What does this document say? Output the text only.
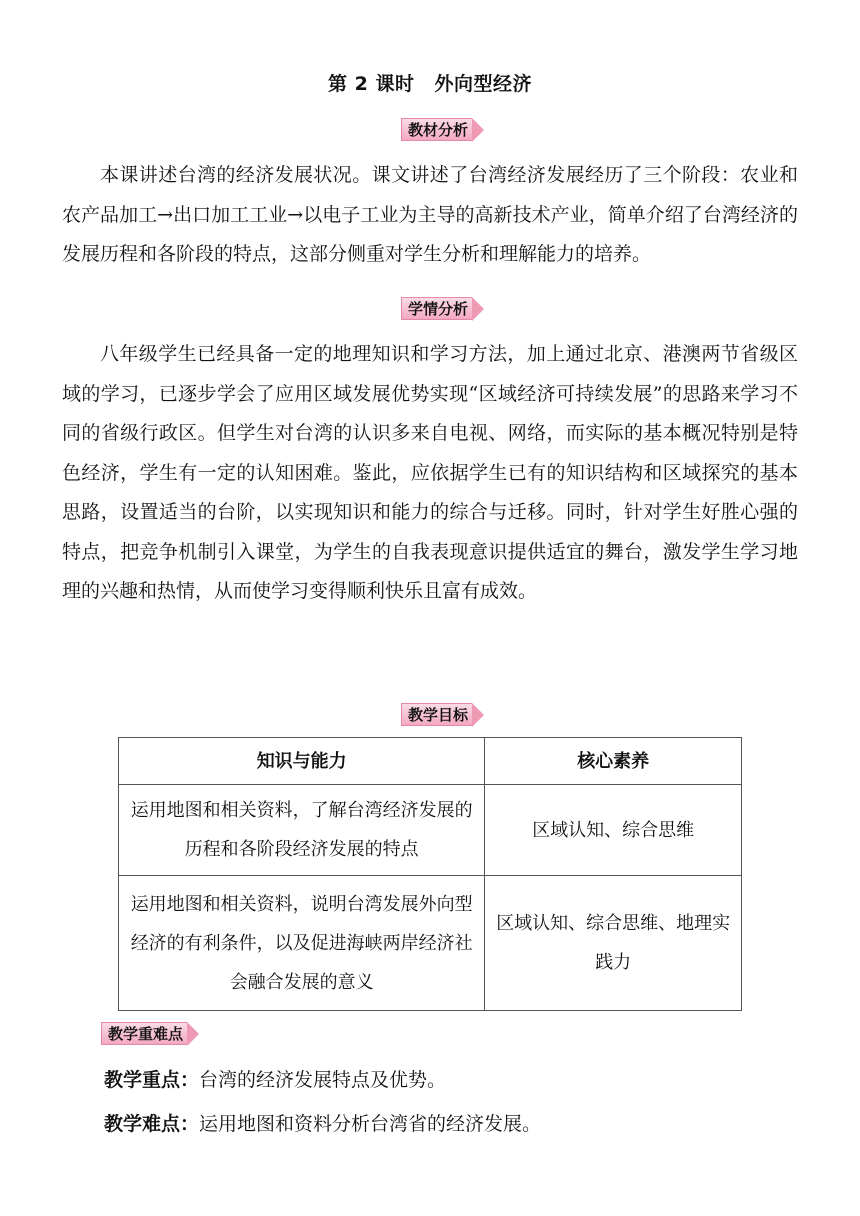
第 2 课时 外向型经济
教材分析

本课讲述台湾的经济发展状况。课文讲述了台湾经济发展经历了三个阶段：农业和农产品加工→出口加工工业→以电子工业为主导的高新技术产业，简单介绍了台湾经济的发展历程和各阶段的特点，这部分侧重对学生分析和理解能力的培养。

学情分析

八年级学生已经具备一定的地理知识和学习方法，加上通过北京、港澳两节省级区域的学习，已逐步学会了应用区域发展优势实现“区域经济可持续发展”的思路来学习不同的省级行政区。但学生对台湾的认识多来自电视、网络，而实际的基本概况特别是特色经济，学生有一定的认知困难。鉴此，应依据学生已有的知识结构和区域探究的基本思路，设置适当的台阶，以实现知识和能力的综合与迁移。同时，针对学生好胜心强的特点，把竞争机制引入课堂，为学生的自我表现意识提供适宜的舞台，激发学生学习地理的兴趣和热情，从而使学习变得顺利快乐且富有成效。

教学目标
知识与能力	核心素养
运用地图和相关资料，了解台湾经济发展的历程和各阶段经济发展的特点	区域认知、综合思维
运用地图和相关资料，说明台湾发展外向型经济的有利条件，以及促进海峡两岸经济社会融合发展的意义	区域认知、综合思维、地理实践力
教学重难点
教学重点：台湾的经济发展特点及优势。
教学难点：运用地图和资料分析台湾省的经济发展。
